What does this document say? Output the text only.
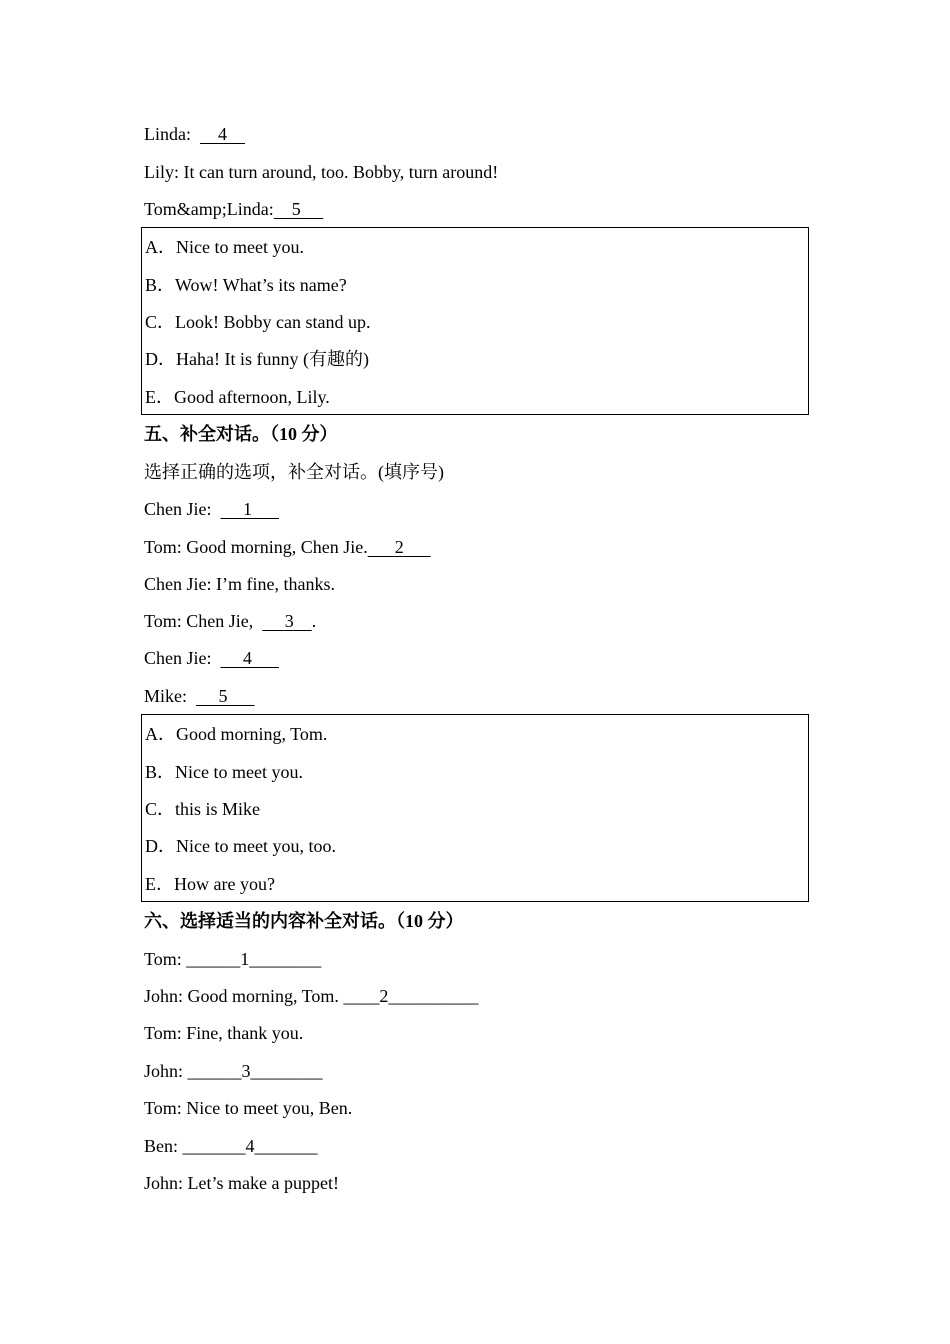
Linda:      4
Lily: It can turn around, too. Bobby, turn around!
Tom&amp;Linda: 5
A．Nice to meet you.
B．Wow! What’s its name?
C．Look! Bobby can stand up.
D．Haha! It is funny (有趣的)
E．Good afternoon, Lily.
五、补全对话。（10 分）
选择正确的选项，补全对话。(填序号)
Chen Jie:       1
Tom: Good morning, Chen Jie. 2
Chen Jie: I’m fine, thanks.
Tom: Chen Jie,       3 .
Chen Jie:       4
Mike:       5
A．Good morning, Tom.
B．Nice to meet you.
C．this is Mike
D．Nice to meet you, too.
E．How are you?
六、选择适当的内容补全对话。（10 分）
Tom: ______1________
John: Good morning, Tom. ____2__________
Tom: Fine, thank you.
John: ______3________
Tom: Nice to meet you, Ben.
Ben: _______4_______
John: Let’s make a puppet!
